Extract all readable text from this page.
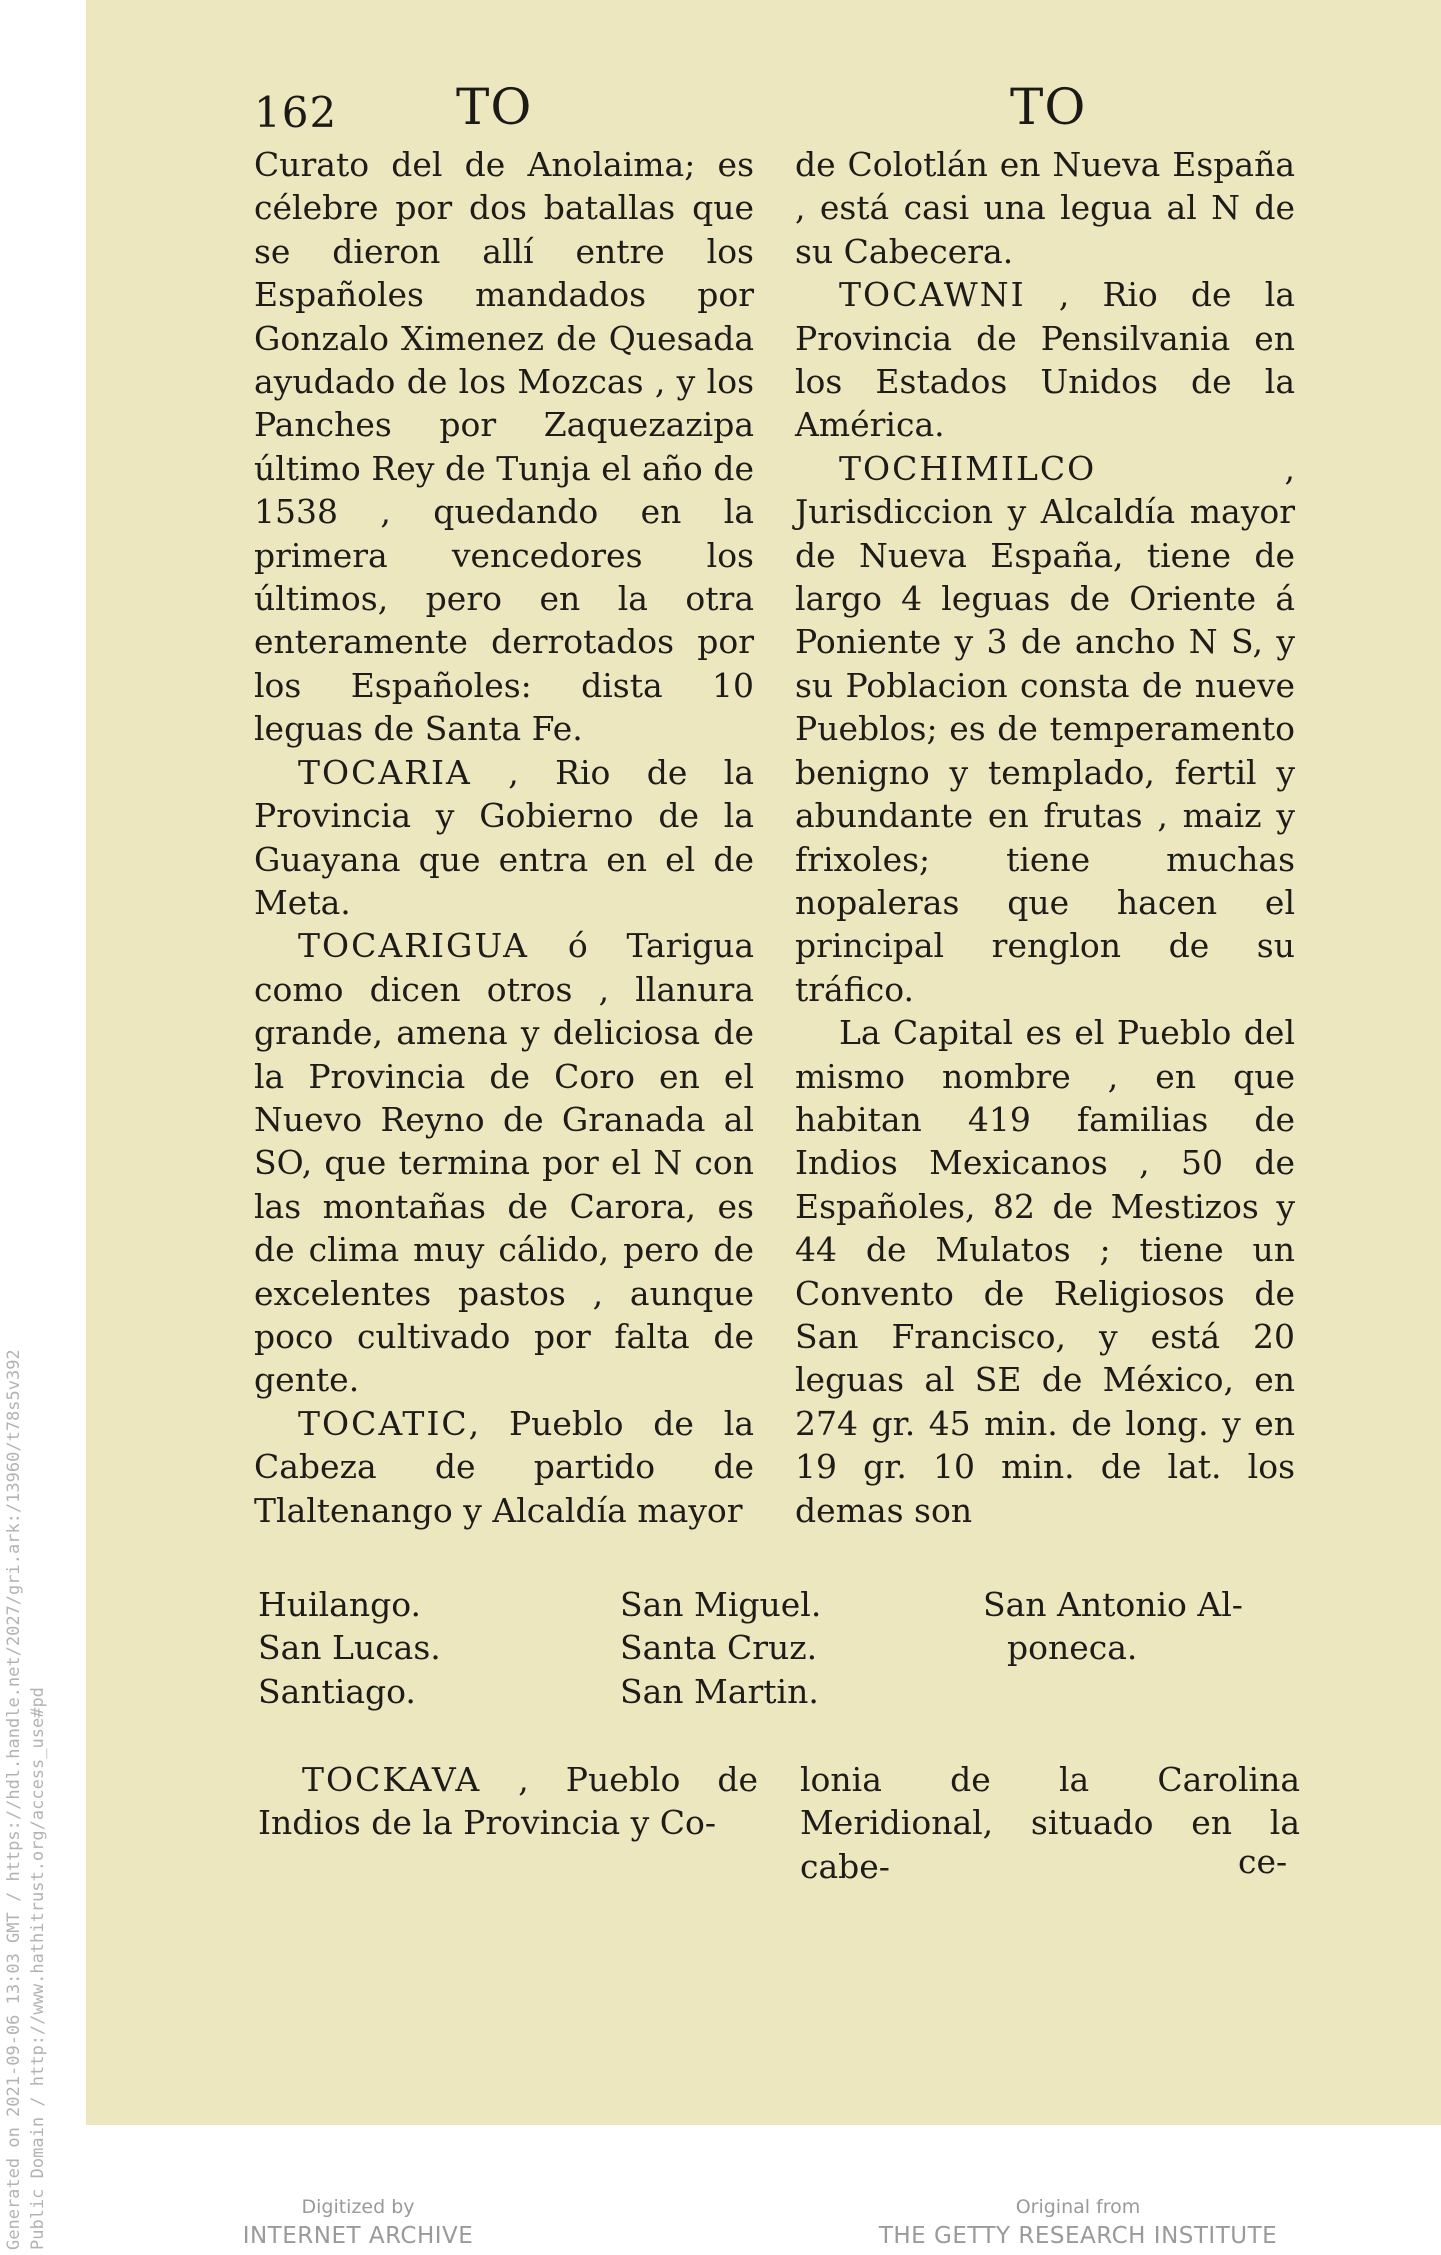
Generated on 2021-09-06 13:03 GMT / https://hdl.handle.net/2027/gri.ark:/13960/t78s5v392 Public Domain / http://www.hathitrust.org/access_use#pd
162 TO	TO

Curato del de Anolaima; es célebre por dos batallas que se dieron allí entre los Españoles mandados por Gonzalo Ximenez de Quesada ayudado de los Mozcas , y los Panches por Zaquezazipa último Rey de Tunja el año de 1538 , quedando en la primera vencedores los últimos, pero en la otra enteramente derrotados por los Españoles: dista 10 leguas de Santa Fe.

TOCARIA , Rio de la Provincia y Gobierno de la Guayana que entra en el de Meta.

TOCARIGUA ó Tarigua como dicen otros , llanura grande, amena y deliciosa de la Provincia de Coro en el Nuevo Reyno de Granada al SO, que termina por el N con las montañas de Carora, es de clima muy cálido, pero de excelentes pastos , aunque poco cultivado por falta de gente.

TOCATIC, Pueblo de la Cabeza de partido de Tlaltenango y Alcaldía mayor

de Colotlán en Nueva España , está casi una legua al N de su Cabecera.

TOCAWNI , Rio de la Provincia de Pensilvania en los Estados Unidos de la América.

TOCHIMILCO , Jurisdiccion y Alcaldía mayor de Nueva España, tiene de largo 4 leguas de Oriente á Poniente y 3 de ancho N S, y su Poblacion consta de nueve Pueblos; es de temperamento benigno y templado, fertil y abundante en frutas , maiz y frixoles; tiene muchas nopaleras que hacen el principal renglon de su tráfico.

La Capital es el Pueblo del mismo nombre , en que habitan 419 familias de Indios Mexicanos , 50 de Españoles, 82 de Mestizos y 44 de Mulatos ; tiene un Convento de Religiosos de San Francisco, y está 20 leguas al SE de México, en 274 gr. 45 min. de long. y en 19 gr. 10 min. de lat. los demas son

Huilango.
San Lucas.
Santiago.
San Miguel.
Santa Cruz.
San Martin.
San Antonio Al-
poneca.

TOCKAVA , Pueblo de Indios de la Provincia y Co-

lonia de la Carolina Meridional, situado en la cabe-	ce-
Digitized by
INTERNET ARCHIVE
Original from
THE GETTY RESEARCH INSTITUTE
